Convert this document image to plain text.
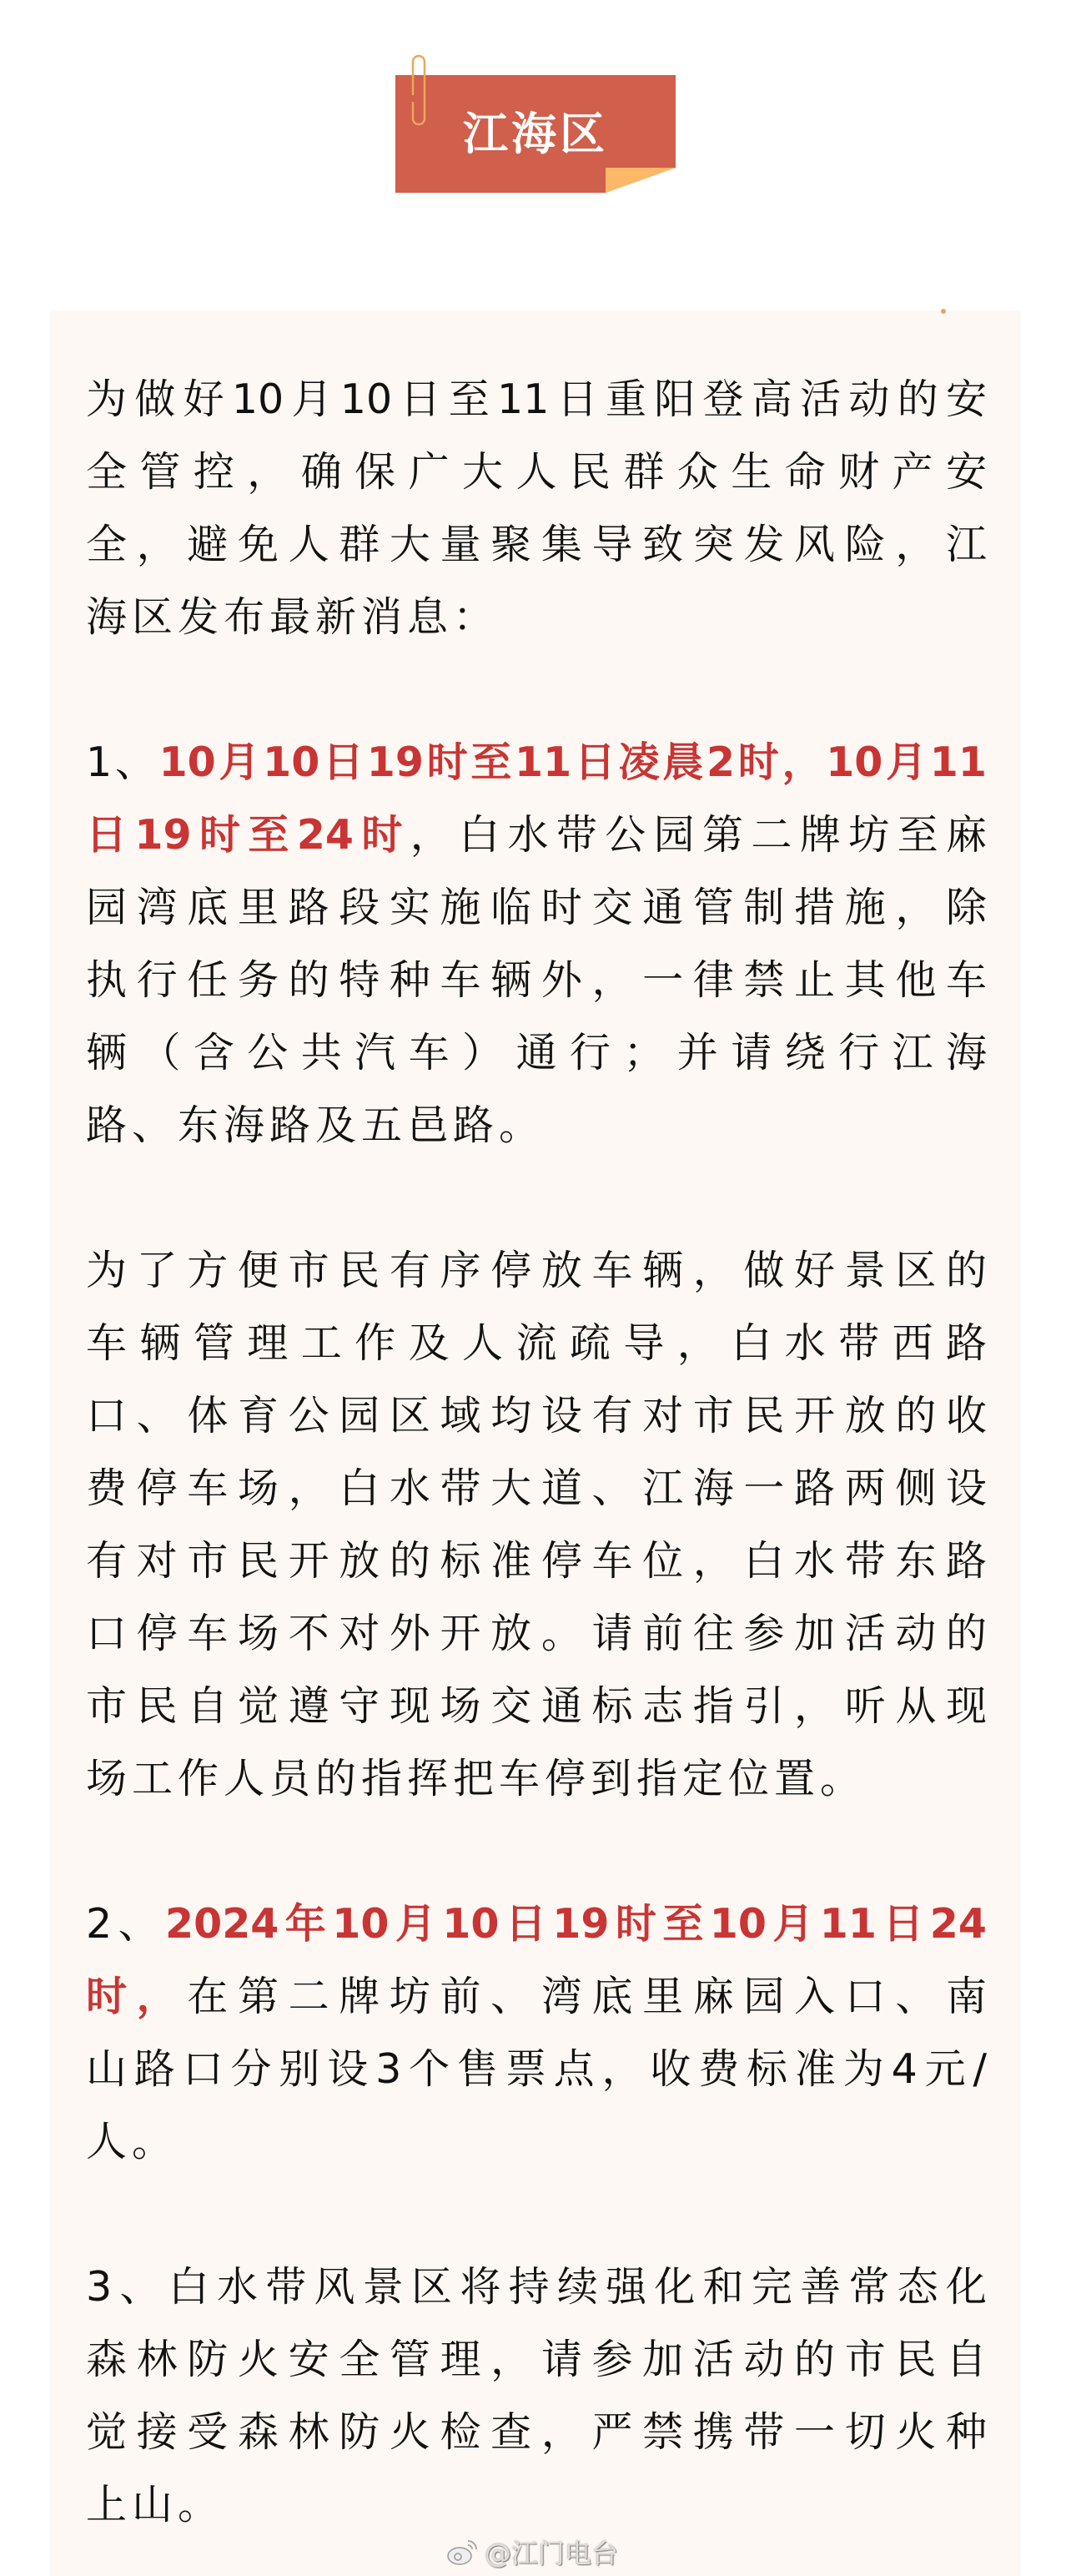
江海区
为做好10月10日至11日重阳登高活动的安
全管控，确保广大人民群众生命财产安
全，避免人群大量聚集导致突发风险，江
海区发布最新消息：
1、10月10日19时至11日凌晨2时，10月11
日19时至24时，白水带公园第二牌坊至麻
园湾底里路段实施临时交通管制措施，除
执行任务的特种车辆外，一律禁止其他车
辆（含公共汽车）通行；并请绕行江海
路、东海路及五邑路。
为了方便市民有序停放车辆，做好景区的
车辆管理工作及人流疏导，白水带西路
口、体育公园区域均设有对市民开放的收
费停车场，白水带大道、江海一路两侧设
有对市民开放的标准停车位，白水带东路
口停车场不对外开放。请前往参加活动的
市民自觉遵守现场交通标志指引，听从现
场工作人员的指挥把车停到指定位置。
2、2024年10月10日19时至10月11日24
时，在第二牌坊前、湾底里麻园入口、南
山路口分别设3个售票点，收费标准为4元/
人。
3、白水带风景区将持续强化和完善常态化
森林防火安全管理，请参加活动的市民自
觉接受森林防火检查，严禁携带一切火种
上山。
@江门电台
